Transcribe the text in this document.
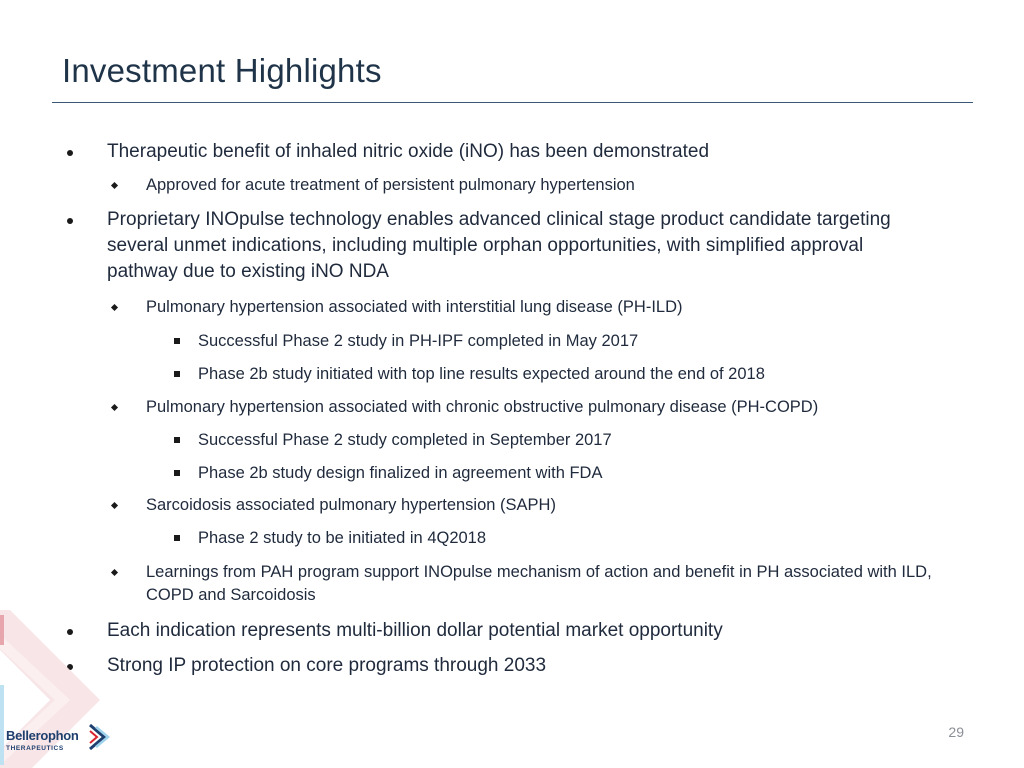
Investment Highlights
Therapeutic benefit of inhaled nitric oxide (iNO) has been demonstrated
Approved for acute treatment of persistent pulmonary hypertension
Proprietary INOpulse technology enables advanced clinical stage product candidate targeting several unmet indications, including multiple orphan opportunities, with simplified approval pathway due to existing iNO NDA
Pulmonary hypertension associated with interstitial lung disease (PH-ILD)
Successful Phase 2 study in PH-IPF completed in May 2017
Phase 2b study initiated with top line results expected around the end of 2018
Pulmonary hypertension associated with chronic obstructive pulmonary disease (PH-COPD)
Successful Phase 2 study completed in September 2017
Phase 2b study design finalized in agreement with FDA
Sarcoidosis associated pulmonary hypertension (SAPH)
Phase 2 study to be initiated in 4Q2018
Learnings from PAH program support INOpulse mechanism of action and benefit in PH associated with ILD, COPD and Sarcoidosis
Each indication represents multi-billion dollar potential market opportunity
Strong IP protection on core programs through 2033
Bellerophon
THERAPEUTICS
29
